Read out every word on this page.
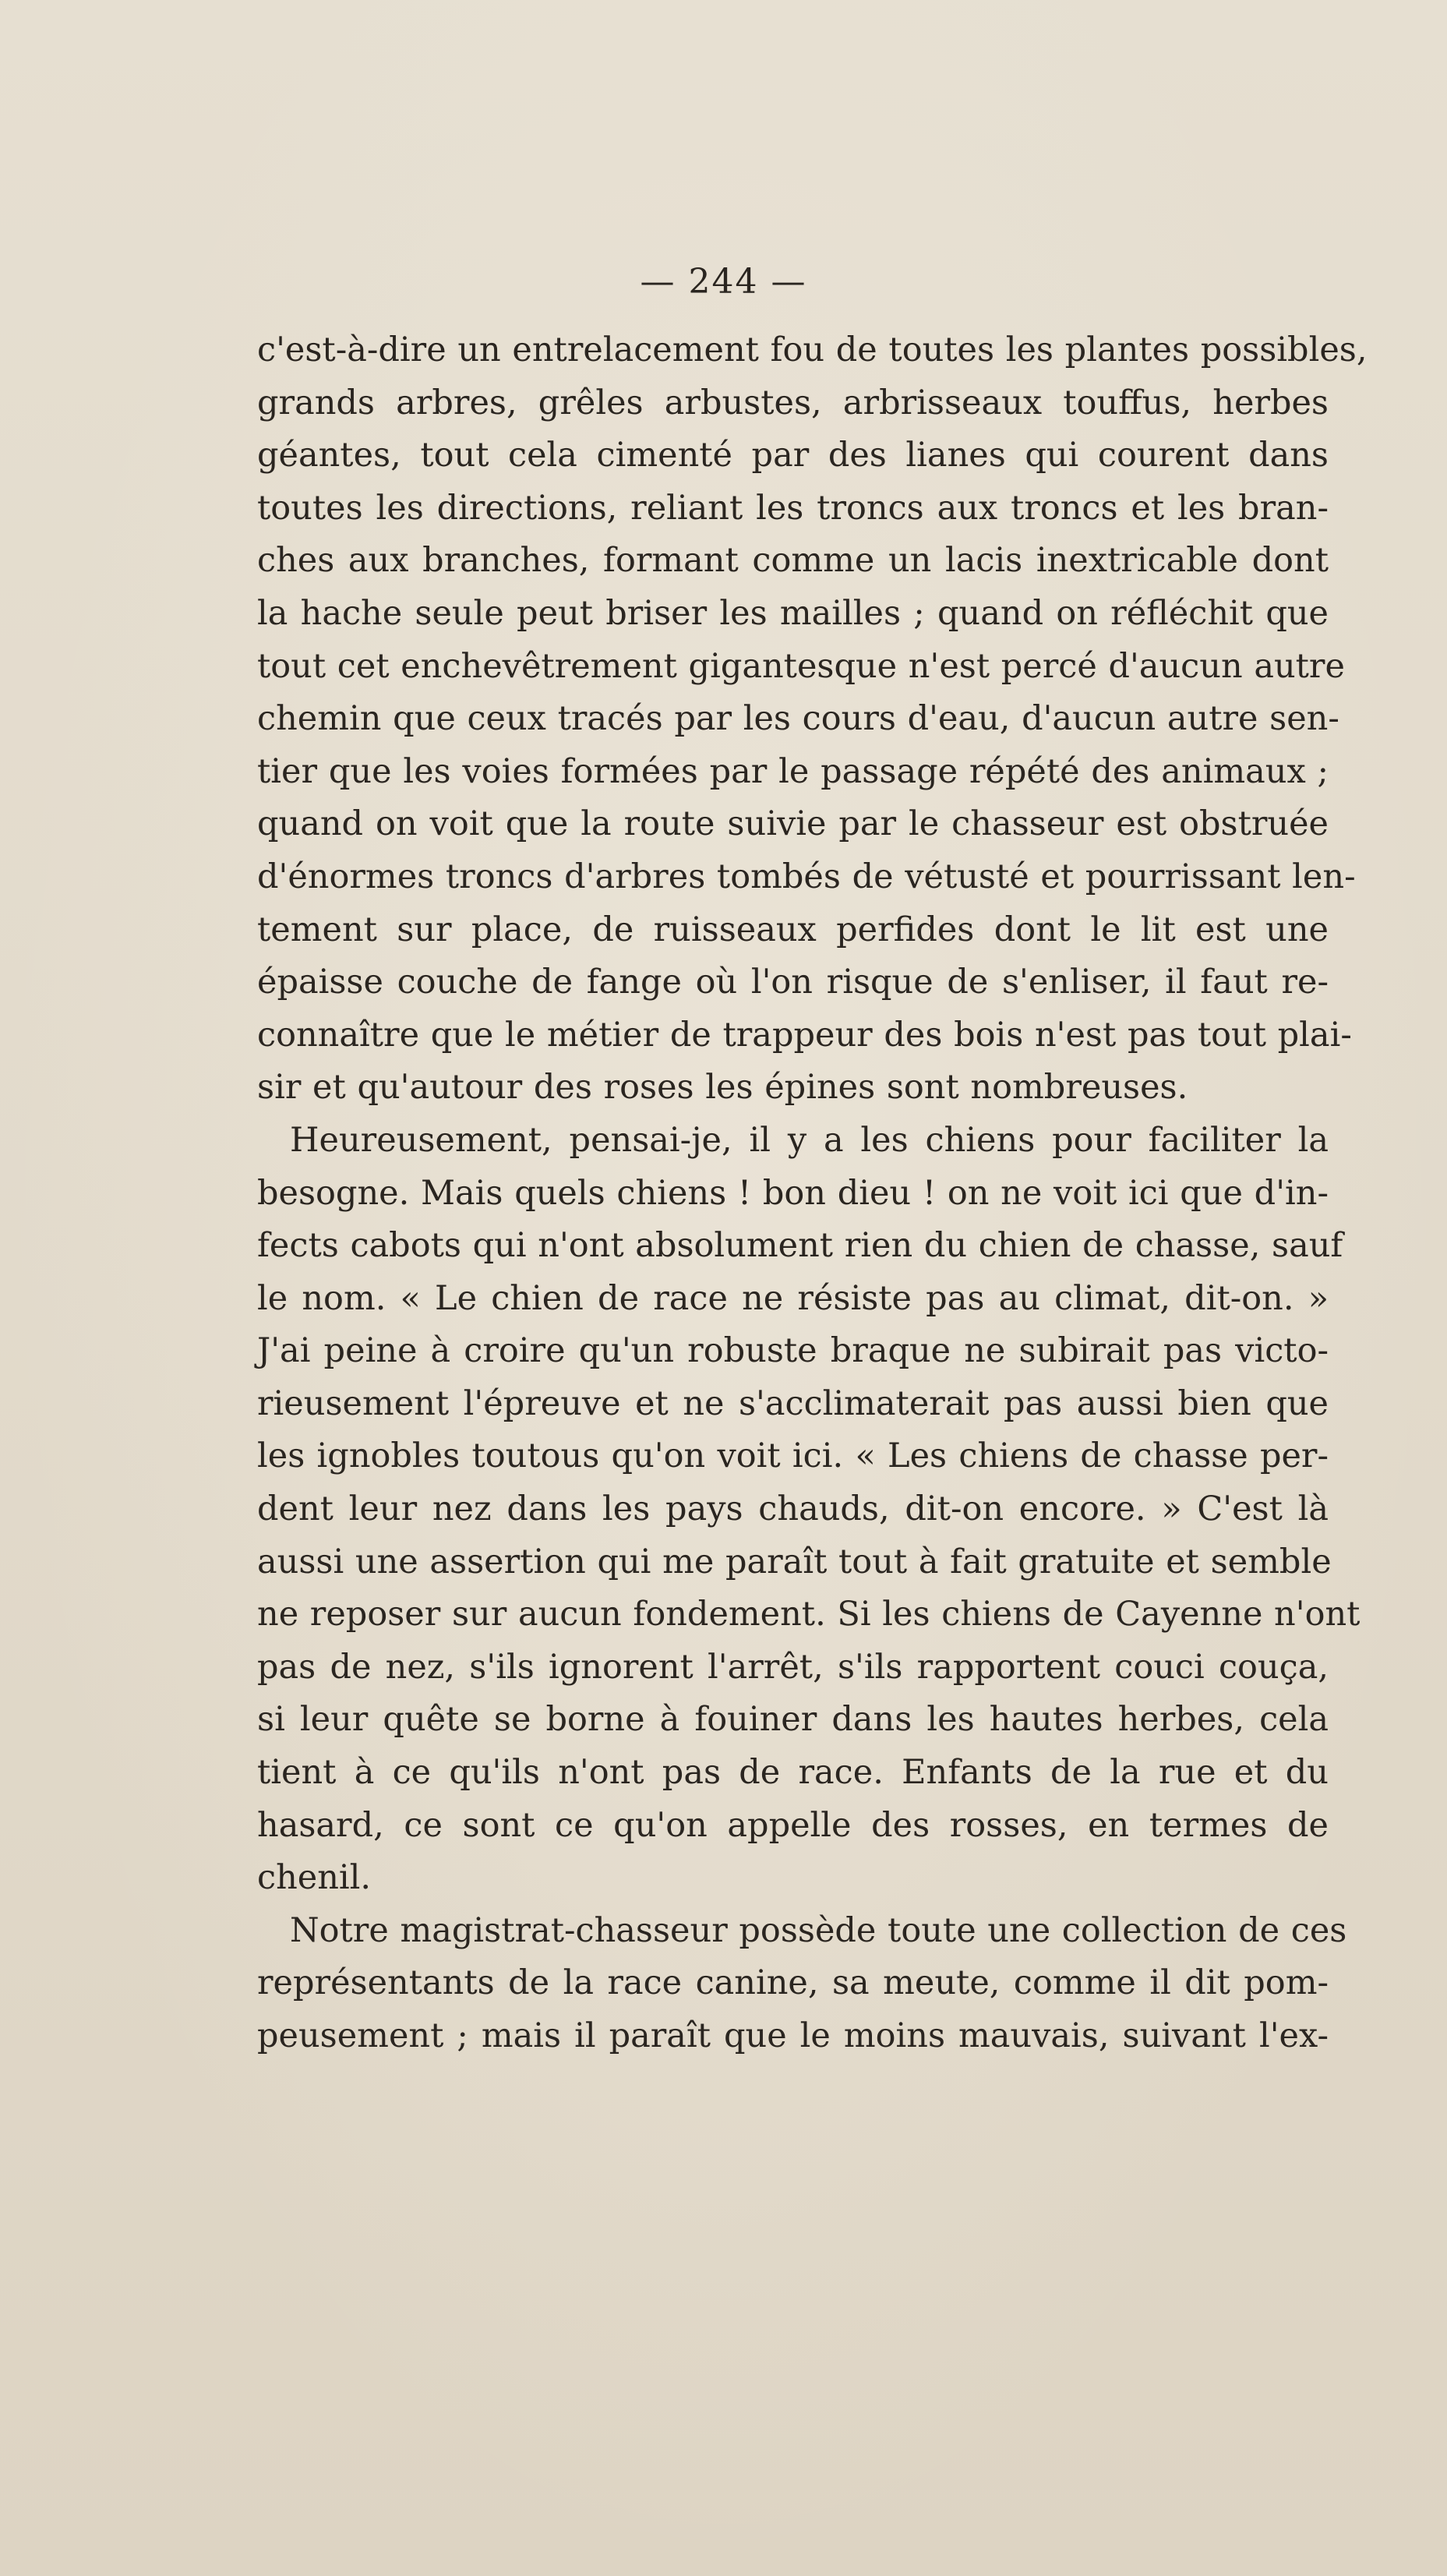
— 244 —
c'est-à-dire un entrelacement fou de toutes les plantes possibles,
grands arbres, grêles arbustes, arbrisseaux touffus, herbes
géantes, tout cela cimenté par des lianes qui courent dans
toutes les directions, reliant les troncs aux troncs et les bran-
ches aux branches, formant comme un lacis inextricable dont
la hache seule peut briser les mailles ; quand on réfléchit que
tout cet enchevêtrement gigantesque n'est percé d'aucun autre
chemin que ceux tracés par les cours d'eau, d'aucun autre sen-
tier que les voies formées par le passage répété des animaux ;
quand on voit que la route suivie par le chasseur est obstruée
d'énormes troncs d'arbres tombés de vétusté et pourrissant len-
tement sur place, de ruisseaux perfides dont le lit est une
épaisse couche de fange où l'on risque de s'enliser, il faut re-
connaître que le métier de trappeur des bois n'est pas tout plai-
sir et qu'autour des roses les épines sont nombreuses.
Heureusement, pensai-je, il y a les chiens pour faciliter la
besogne. Mais quels chiens ! bon dieu ! on ne voit ici que d'in-
fects cabots qui n'ont absolument rien du chien de chasse, sauf
le nom. « Le chien de race ne résiste pas au climat, dit-on. »
J'ai peine à croire qu'un robuste braque ne subirait pas victo-
rieusement l'épreuve et ne s'acclimaterait pas aussi bien que
les ignobles toutous qu'on voit ici. « Les chiens de chasse per-
dent leur nez dans les pays chauds, dit-on encore. » C'est là
aussi une assertion qui me paraît tout à fait gratuite et semble
ne reposer sur aucun fondement. Si les chiens de Cayenne n'ont
pas de nez, s'ils ignorent l'arrêt, s'ils rapportent couci couça,
si leur quête se borne à fouiner dans les hautes herbes, cela
tient à ce qu'ils n'ont pas de race. Enfants de la rue et du
hasard, ce sont ce qu'on appelle des rosses, en termes de
chenil.
Notre magistrat-chasseur possède toute une collection de ces
représentants de la race canine, sa meute, comme il dit pom-
peusement ; mais il paraît que le moins mauvais, suivant l'ex-
